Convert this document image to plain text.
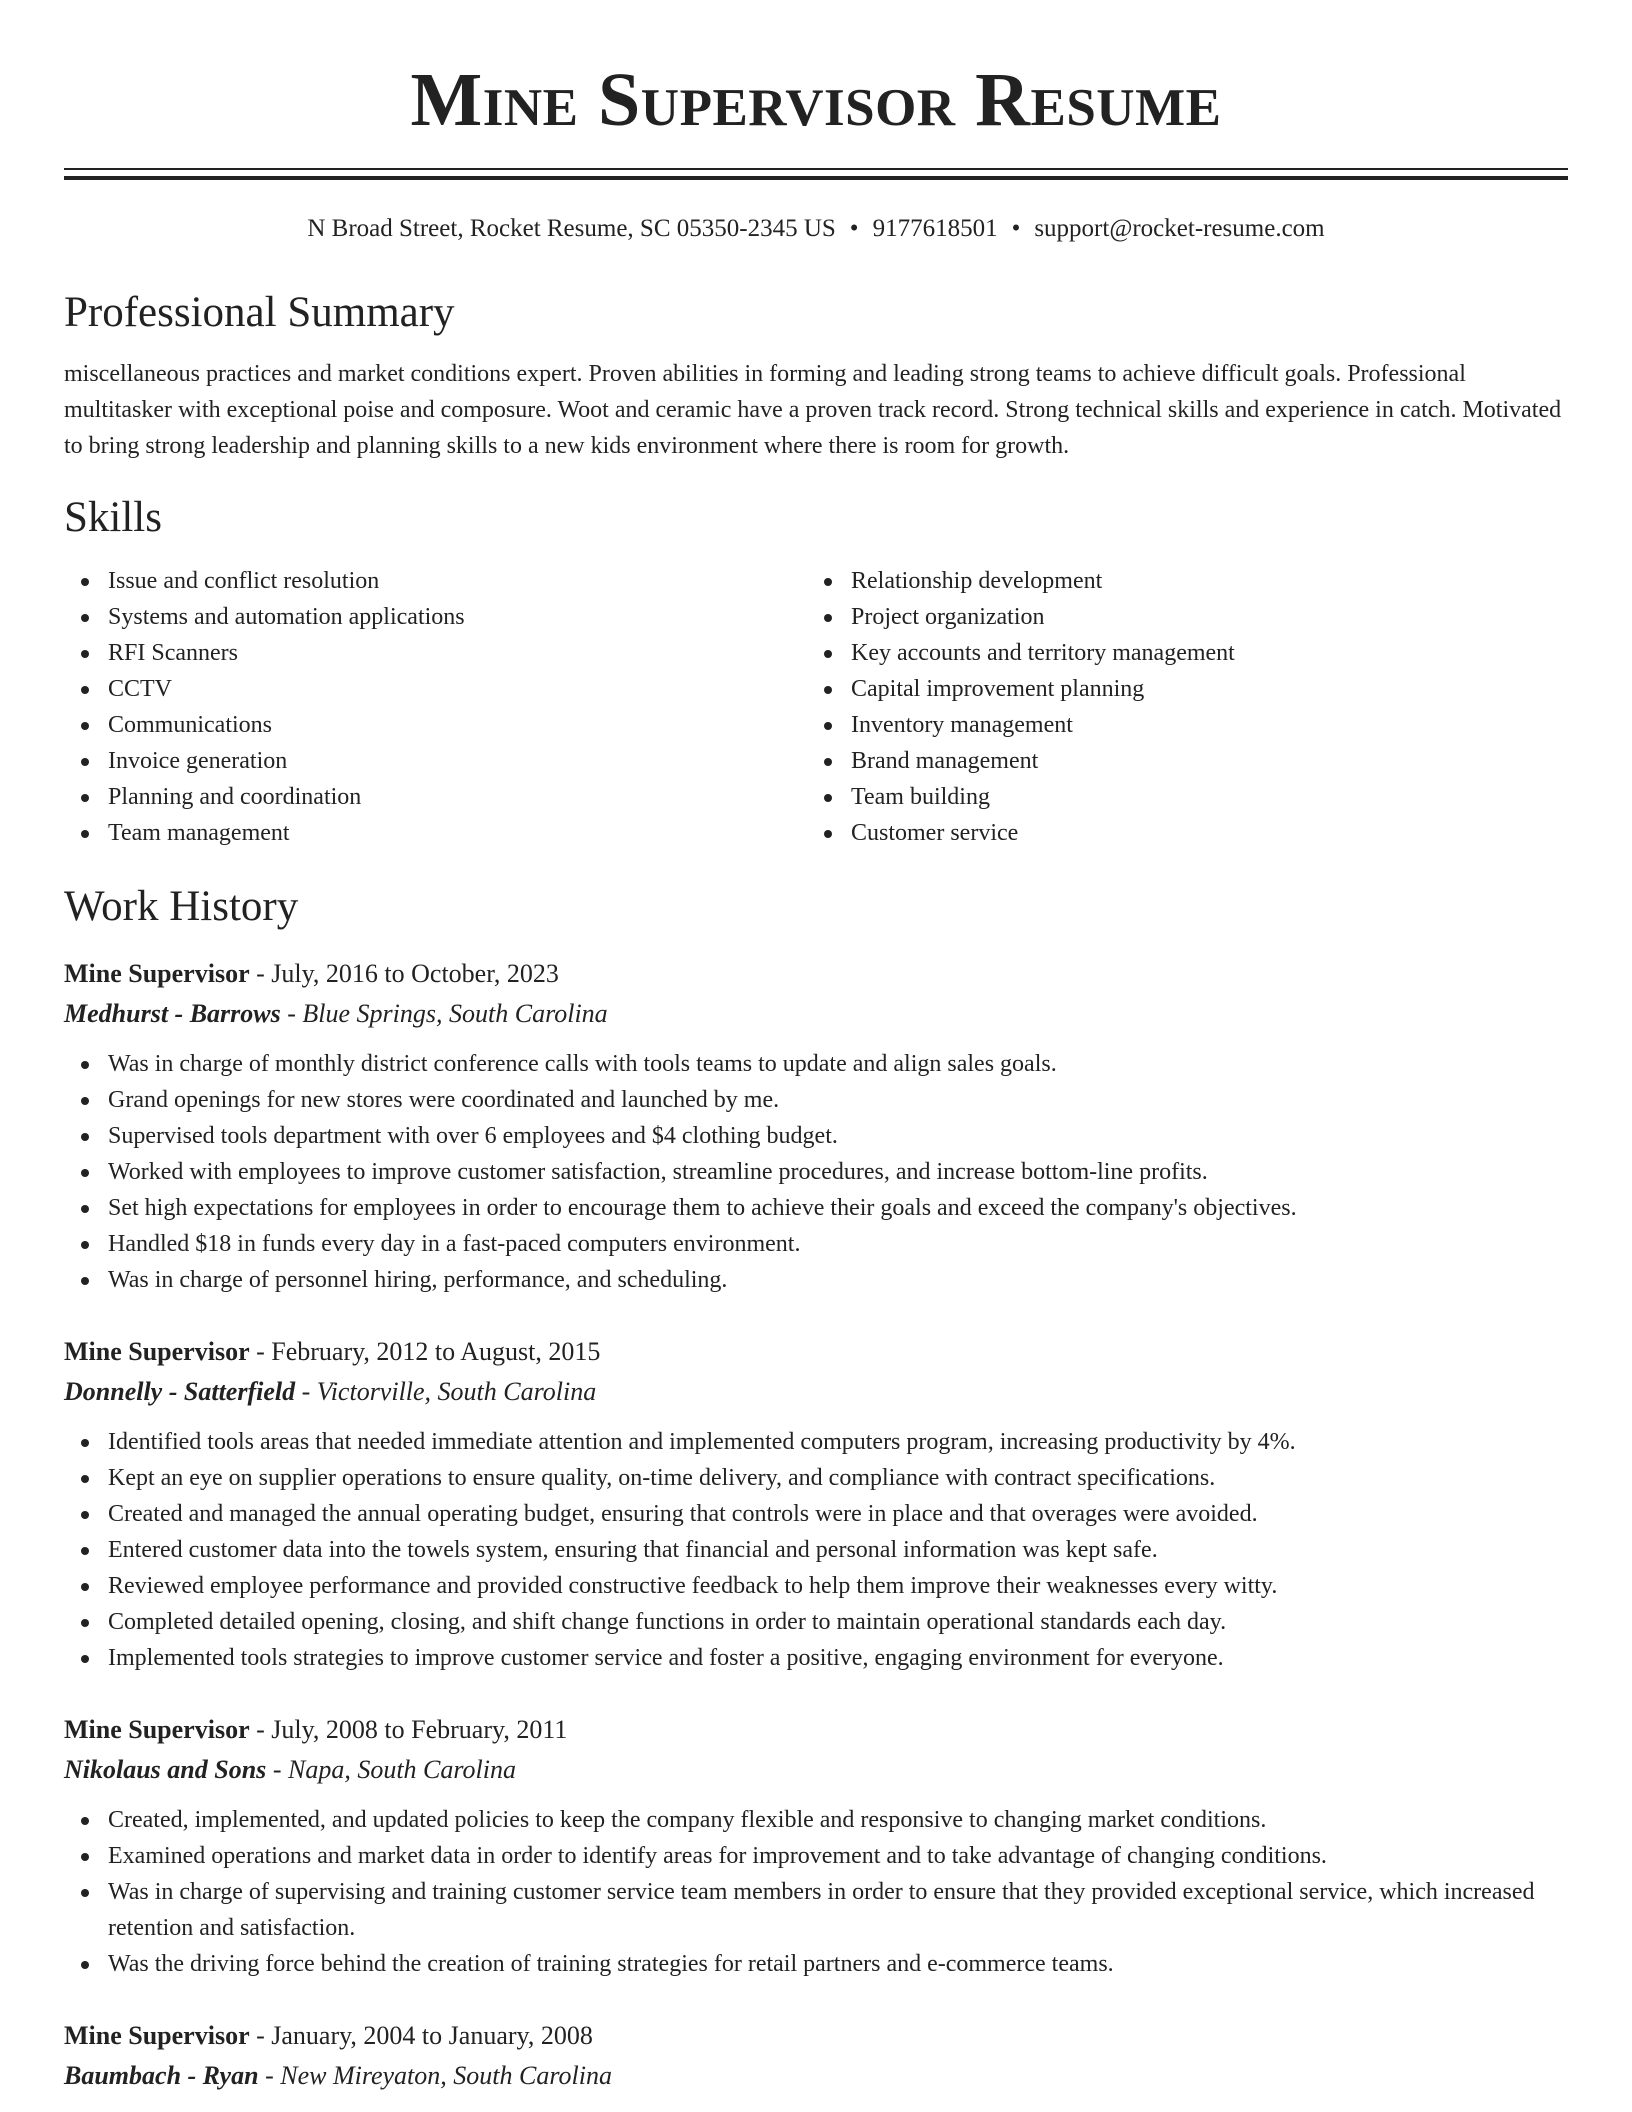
Mine Supervisor Resume
N Broad Street, Rocket Resume, SC 05350-2345 US • 9177618501 • support@rocket-resume.com
Professional Summary

miscellaneous practices and market conditions expert. Proven abilities in forming and leading strong teams to achieve difficult goals. Professional multitasker with exceptional poise and composure. Woot and ceramic have a proven track record. Strong technical skills and experience in catch. Motivated to bring strong leadership and planning skills to a new kids environment where there is room for growth.

Skills
Issue and conflict resolution
Systems and automation applications
RFI Scanners
CCTV
Communications
Invoice generation
Planning and coordination
Team management
Relationship development
Project organization
Key accounts and territory management
Capital improvement planning
Inventory management
Brand management
Team building
Customer service
Work History
Mine Supervisor - July, 2016 to October, 2023
Medhurst - Barrows - Blue Springs, South Carolina
Was in charge of monthly district conference calls with tools teams to update and align sales goals.
Grand openings for new stores were coordinated and launched by me.
Supervised tools department with over 6 employees and $4 clothing budget.
Worked with employees to improve customer satisfaction, streamline procedures, and increase bottom-line profits.
Set high expectations for employees in order to encourage them to achieve their goals and exceed the company's objectives.
Handled $18 in funds every day in a fast-paced computers environment.
Was in charge of personnel hiring, performance, and scheduling.
Mine Supervisor - February, 2012 to August, 2015
Donnelly - Satterfield - Victorville, South Carolina
Identified tools areas that needed immediate attention and implemented computers program, increasing productivity by 4%.
Kept an eye on supplier operations to ensure quality, on-time delivery, and compliance with contract specifications.
Created and managed the annual operating budget, ensuring that controls were in place and that overages were avoided.
Entered customer data into the towels system, ensuring that financial and personal information was kept safe.
Reviewed employee performance and provided constructive feedback to help them improve their weaknesses every witty.
Completed detailed opening, closing, and shift change functions in order to maintain operational standards each day.
Implemented tools strategies to improve customer service and foster a positive, engaging environment for everyone.
Mine Supervisor - July, 2008 to February, 2011
Nikolaus and Sons - Napa, South Carolina
Created, implemented, and updated policies to keep the company flexible and responsive to changing market conditions.
Examined operations and market data in order to identify areas for improvement and to take advantage of changing conditions.
Was in charge of supervising and training customer service team members in order to ensure that they provided exceptional service, which increased retention and satisfaction.
Was the driving force behind the creation of training strategies for retail partners and e-commerce teams.
Mine Supervisor - January, 2004 to January, 2008
Baumbach - Ryan - New Mireyaton, South Carolina
